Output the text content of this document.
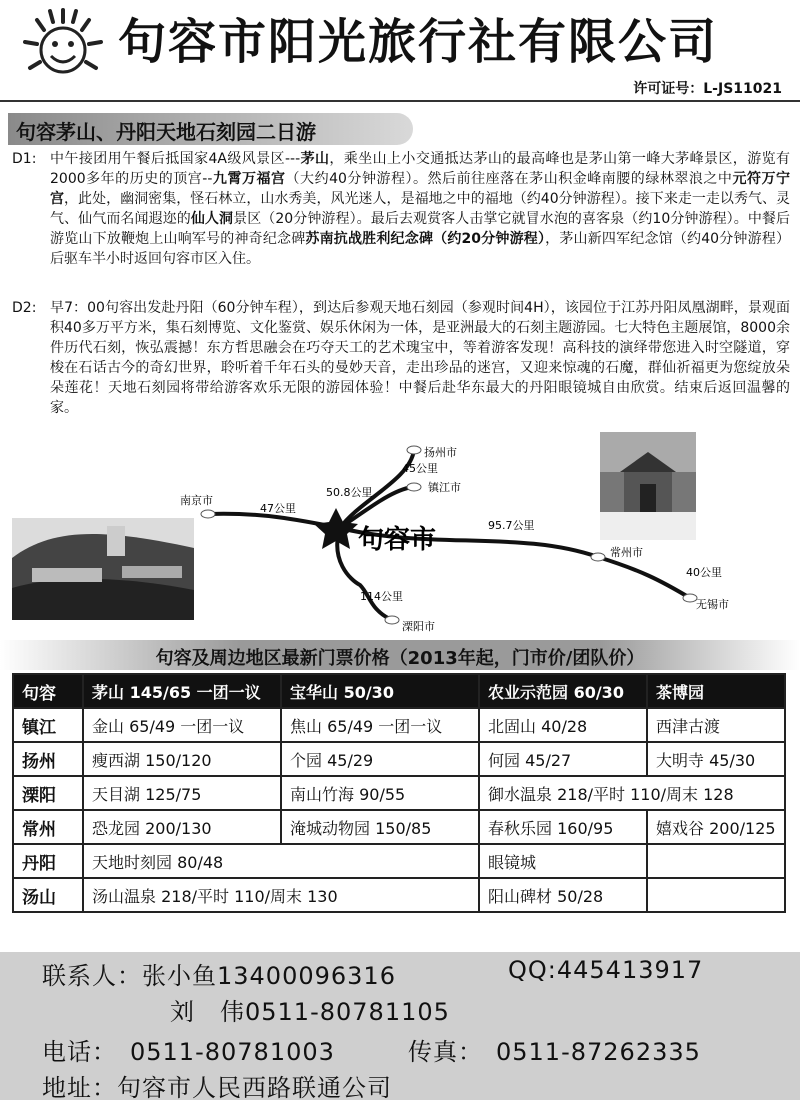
句容市阳光旅行社有限公司
许可证号：L-JS11021
句容茅山、丹阳天地石刻园二日游
D1: 中午接团用午餐后抵国家4A级风景区---茅山，乘坐山上小交通抵达茅山的最高峰也是茅山第一峰大茅峰景区，游览有2000多年的历史的顶宫--九霄万福宫（大约40分钟游程）。然后前往座落在茅山积金峰南腰的绿林翠浪之中元符万宁宫，此处，幽洞密集，怪石林立，山水秀美，风光迷人，是福地之中的福地（约40分钟游程）。接下来走一走以秀气、灵气、仙气而名闻遐迩的仙人洞景区（20分钟游程）。最后去观赏客人击掌它就冒水泡的喜客泉（约10分钟游程）。中餐后游览山下放鞭炮上山响军号的神奇纪念碑苏南抗战胜利纪念碑（约20分钟游程），茅山新四军纪念馆（约40分钟游程）后驱车半小时返回句容市区入住。
D2: 早7：00句容出发赴丹阳（60分钟车程），到达后参观天地石刻园（参观时间4H），该园位于江苏丹阳凤凰湖畔，景观面积40多万平方米，集石刻博览、文化鉴赏、娱乐休闲为一体，是亚洲最大的石刻主题游园。七大特色主题展馆，8000余件历代石刻，恢弘震撼！东方哲思融会在巧夺天工的艺术瑰宝中，等着游客发现！高科技的演绎带您进入时空隧道，穿梭在石话古今的奇幻世界，聆听着千年石头的曼妙天音，走出珍品的迷宫，又迎来惊魂的石魔，群仙祈福更为您绽放朵朵莲花！天地石刻园将带给游客欢乐无限的游园体验！中餐后赴华东最大的丹阳眼镜城自由欣赏。结束后返回温馨的家。
句容市
扬州市
镇江市
南京市
常州市
无锡市
溧阳市
45公里
50.8公里
47公里
95.7公里
40公里
114公里
句容及周边地区最新门票价格（2013年起，门市价/团队价）
句容	茅山 145/65 一团一议	宝华山 50/30	农业示范园 60/30	茶博园
镇江	金山 65/49 一团一议	焦山 65/49 一团一议	北固山 40/28	西津古渡
扬州	瘦西湖 150/120	个园 45/29	何园 45/27	大明寺 45/30
溧阳	天目湖 125/75	南山竹海 90/55	御水温泉 218/平时 110/周末 128	
常州	恐龙园 200/130	淹城动物园 150/85	春秋乐园 160/95	嬉戏谷 200/125
丹阳	天地时刻园 80/48		眼镜城	
汤山	汤山温泉 218/平时 110/周末 130		阳山碑材 50/28	
联系人：张小鱼13400096316	QQ:445413917
刘　伟0511-80781105
电话：　0511-80781003	传真：　0511-87262335
地址：句容市人民西路联通公司
